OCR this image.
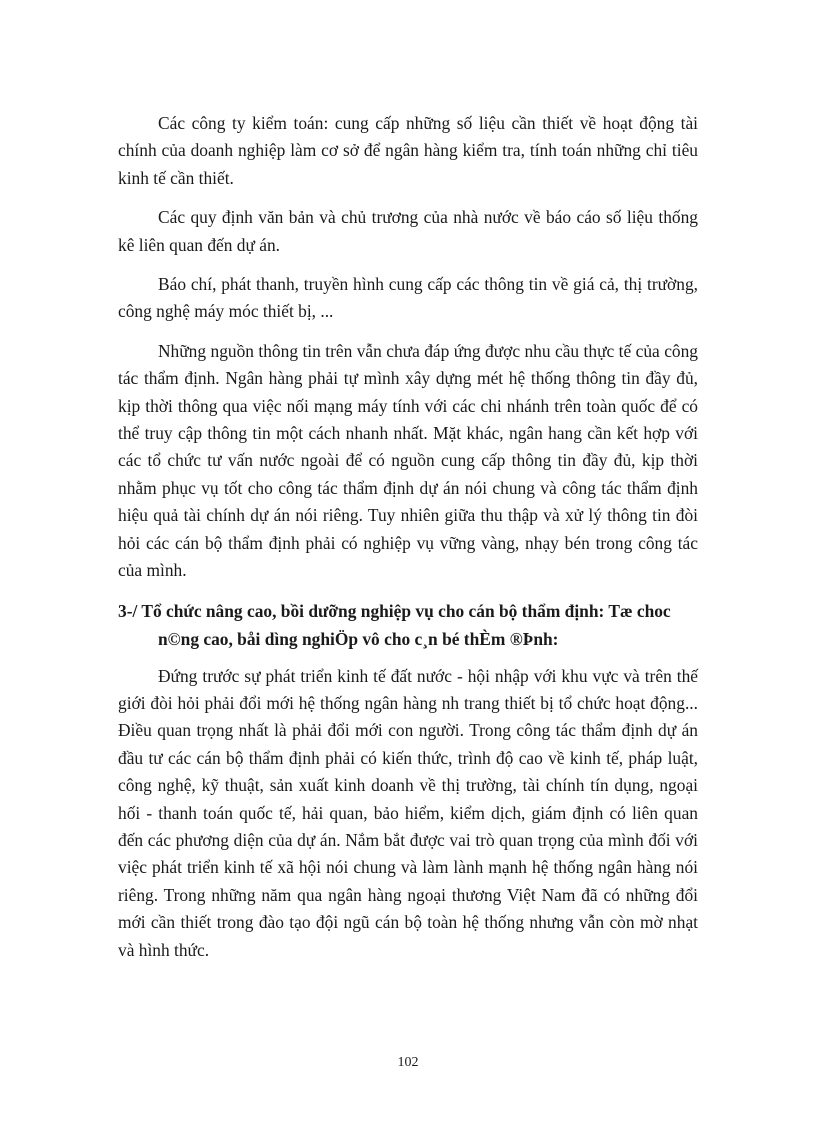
Các công ty kiểm toán: cung cấp những số liệu cần thiết về hoạt động tài chính của doanh nghiệp làm cơ sở để ngân hàng kiểm tra, tính toán những chỉ tiêu kinh tế cần thiết.

Các quy định văn bản và chủ trương của nhà nước về báo cáo số liệu thống kê liên quan đến dự án.

Báo chí, phát thanh, truyền hình cung cấp các thông tin về giá cả, thị trường, công nghệ máy móc thiết bị, ...

Những nguồn thông tin trên vẫn chưa đáp ứng được nhu cầu thực tế của công tác thẩm định. Ngân hàng phải tự mình xây dựng mét hệ thống thông tin đầy đủ, kịp thời thông qua việc nối mạng máy tính với các chi nhánh trên toàn quốc để có thể truy cập thông tin một cách nhanh nhất. Mặt khác, ngân hang cần kết hợp với các tổ chức tư vấn nước ngoài để có nguồn cung cấp thông tin đầy đủ, kịp thời nhằm phục vụ tốt cho công tác thẩm định dự án nói chung và công tác thẩm định hiệu quả tài chính dự án nói riêng. Tuy nhiên giữa thu thập và xử lý thông tin đòi hỏi các cán bộ thẩm định phải có nghiệp vụ vững vàng, nhạy bén trong công tác của mình.

3-/ Tổ chức nâng cao, bồi dưỡng nghiệp vụ cho cán bộ thẩm định: Tæ choc n©ng cao, båi dìng nghiÖp vô cho c¸n bé thÈm ®Þnh:

Đứng trước sự phát triển kinh tế đất nước - hội nhập với khu vực và trên thế giới đòi hỏi phải đổi mới hệ thống ngân hàng nh trang thiết bị tổ chức hoạt động... Điều quan trọng nhất là phải đổi mới con người. Trong công tác thẩm định dự án đầu tư các cán bộ thẩm định phải có kiến thức, trình độ cao về kinh tế, pháp luật, công nghệ, kỹ thuật, sản xuất kinh doanh về thị trường, tài chính tín dụng, ngoại hối - thanh toán quốc tế, hải quan, bảo hiểm, kiểm dịch, giám định có liên quan đến các phương diện của dự án. Nắm bắt được vai trò quan trọng của mình đối với việc phát triển kinh tế xã hội nói chung và làm lành mạnh hệ thống ngân hàng nói riêng. Trong những năm qua ngân hàng ngoại thương Việt Nam đã có những đổi mới cần thiết trong đào tạo đội ngũ cán bộ toàn hệ thống nhưng vẫn còn mờ nhạt và hình thức.

102
